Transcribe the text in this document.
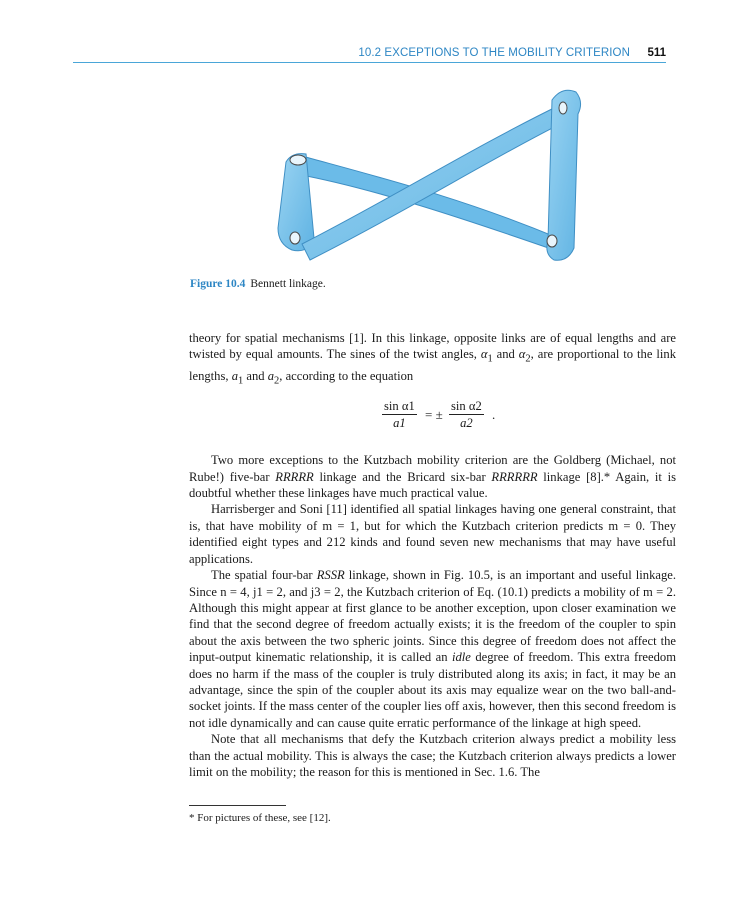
10.2 EXCEPTIONS TO THE MOBILITY CRITERION 511
Figure 10.4 Bennett linkage.

theory for spatial mechanisms [1]. In this linkage, opposite links are of equal lengths and are twisted by equal amounts. The sines of the twist angles, $\alpha_1$ and $\alpha_2$, are proportional to the link lengths, $a_1$ and $a_2$, according to the equation

$\frac{\text{sin α1}}{a1}$ = ± $\frac{\text{sin α2}}{a2}$ .

Two more exceptions to the Kutzbach mobility criterion are the Goldberg (Michael, not Rube!) five-bar RRRRR linkage and the Bricard six-bar RRRRRR linkage [8].* Again, it is doubtful whether these linkages have much practical value.

Harrisberger and Soni [11] identified all spatial linkages having one general constraint, that is, that have mobility of m = 1, but for which the Kutzbach criterion predicts m = 0. They identified eight types and 212 kinds and found seven new mechanisms that may have useful applications.

The spatial four-bar RSSR linkage, shown in Fig. 10.5, is an important and useful linkage. Since n = 4, j1 = 2, and j3 = 2, the Kutzbach criterion of Eq. (10.1) predicts a mobility of m = 2. Although this might appear at first glance to be another exception, upon closer examination we find that the second degree of freedom actually exists; it is the freedom of the coupler to spin about the axis between the two spheric joints. Since this degree of freedom does not affect the input-output kinematic relationship, it is called an idle degree of freedom. This extra freedom does no harm if the mass of the coupler is truly distributed along its axis; in fact, it may be an advantage, since the spin of the coupler about its axis may equalize wear on the two ball-and-socket joints. If the mass center of the coupler lies off axis, however, then this second freedom is not idle dynamically and can cause quite erratic performance of the linkage at high speed.

Note that all mechanisms that defy the Kutzbach criterion always predict a mobility less than the actual mobility. This is always the case; the Kutzbach criterion always predicts a lower limit on the mobility; the reason for this is mentioned in Sec. 1.6. The

* For pictures of these, see [12].
